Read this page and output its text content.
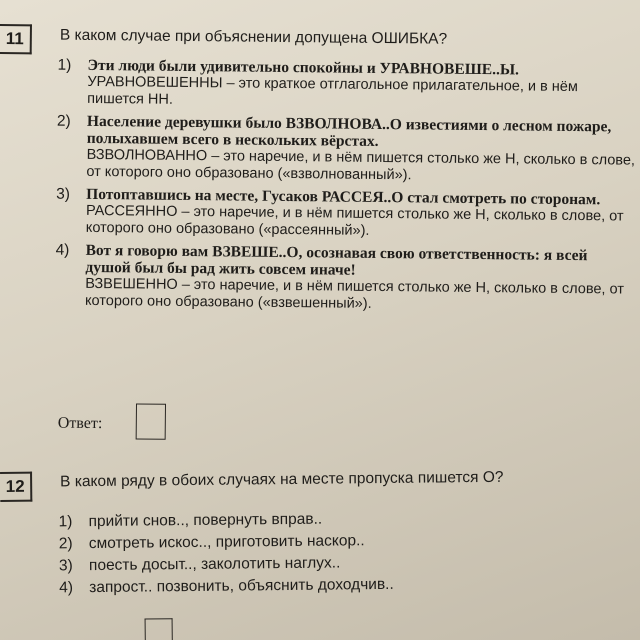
11	В каком случае при объяснении допущена ОШИБКА?
1) Эти люди были удивительно спокойны и УРАВНОВЕШЕ..Ы.
УРАВНОВЕШЕННЫ – это краткое отглагольное прилагательное, и в нём пишется НН.
2) Население деревушки было ВЗВОЛНОВА..О известиями о лесном пожаре, полыхавшем всего в нескольких вёрстах.
ВЗВОЛНОВАННО – это наречие, и в нём пишется столько же Н, сколько в слове, от которого оно образовано («взволнованный»).
3) Потоптавшись на месте, Гусаков РАССЕЯ..О стал смотреть по сторонам.
РАССЕЯННО – это наречие, и в нём пишется столько же Н, сколько в слове, от которого оно образовано («рассеянный»).
4) Вот я говорю вам ВЗВЕШЕ..О, осознавая свою ответственность: я всей душой был бы рад жить совсем иначе!
ВЗВЕШЕННО – это наречие, и в нём пишется столько же Н, сколько в слове, от которого оно образовано («взвешенный»).
Ответ:
12	В каком ряду в обоих случаях на месте пропуска пишется О?
1) прийти снов.., повернуть вправ..
2) смотреть искос.., приготовить наскор..
3) поесть досыт.., заколотить наглух..
4) запрост.. позвонить, объяснить доходчив..
